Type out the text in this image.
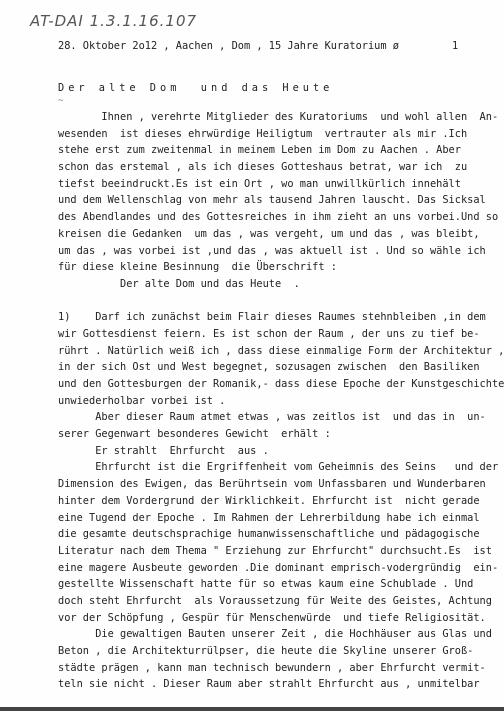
AT-DAI 1.3.1.16.107
28. Oktober 2o12 , Aachen , Dom , 15 Jahre Kuratorium ø	1
Der alte Dom  und das Heute
~
Ihnen , verehrte Mitglieder des Kuratoriums  und wohl allen  An-
wesenden  ist dieses ehrwürdige Heiligtum  vertrauter als mir .Ich
stehe erst zum zweitenmal in meinem Leben im Dom zu Aachen . Aber
schon das erstemal , als ich dieses Gotteshaus betrat, war ich  zu
tiefst beeindruckt.Es ist ein Ort , wo man unwillkürlich innehält
und dem Wellenschlag von mehr als tausend Jahren lauscht. Das Sicksal
des Abendlandes und des Gottesreiches in ihm zieht an uns vorbei.Und so
kreisen die Gedanken  um das , was vergeht, um und das , was bleibt,
um das , was vorbei ist ,und das , was aktuell ist . Und so wähle ich
für diese kleine Besinnung  die Überschrift :
Der alte Dom und das Heute  .
1)    Darf ich zunächst beim Flair dieses Raumes stehnbleiben ,in dem
wir Gottesdienst feiern. Es ist schon der Raum , der uns zu tief be-
rührt . Natürlich weiß ich , dass diese einmalige Form der Architektur ,
in der sich Ost und West begegnet, sozusagen zwischen  den Basiliken
und den Gottesburgen der Romanik,- dass diese Epoche der Kunstgeschichte
unwiederholbar vorbei ist .
Aber dieser Raum atmet etwas , was zeitlos ist  und das in  un-
serer Gegenwart besonderes Gewicht  erhält :
Er strahlt  Ehrfurcht  aus .
Ehrfurcht ist die Ergriffenheit vom Geheimnis des Seins   und der
Dimension des Ewigen, das Berührtsein vom Unfassbaren und Wunderbaren
hinter dem Vordergrund der Wirklichkeit. Ehrfurcht ist  nicht gerade
eine Tugend der Epoche . Im Rahmen der Lehrerbildung habe ich einmal
die gesamte deutschsprachige humanwissenschaftliche und pädagogische
Literatur nach dem Thema " Erziehung zur Ehrfurcht" durchsucht.Es  ist
eine magere Ausbeute geworden .Die dominant emprisch-vodergründig  ein-
gestellte Wissenschaft hatte für so etwas kaum eine Schublade . Und
doch steht Ehrfurcht  als Voraussetzung für Weite des Geistes, Achtung
vor der Schöpfung , Gespür für Menschenwürde  und tiefe Religiosität.
Die gewaltigen Bauten unserer Zeit , die Hochhäuser aus Glas und
Beton , die Architekturrülpser, die heute die Skyline unserer Groß-
städte prägen , kann man technisch bewundern , aber Ehrfurcht vermit-
teln sie nicht . Dieser Raum aber strahlt Ehrfurcht aus , unmitelbar
